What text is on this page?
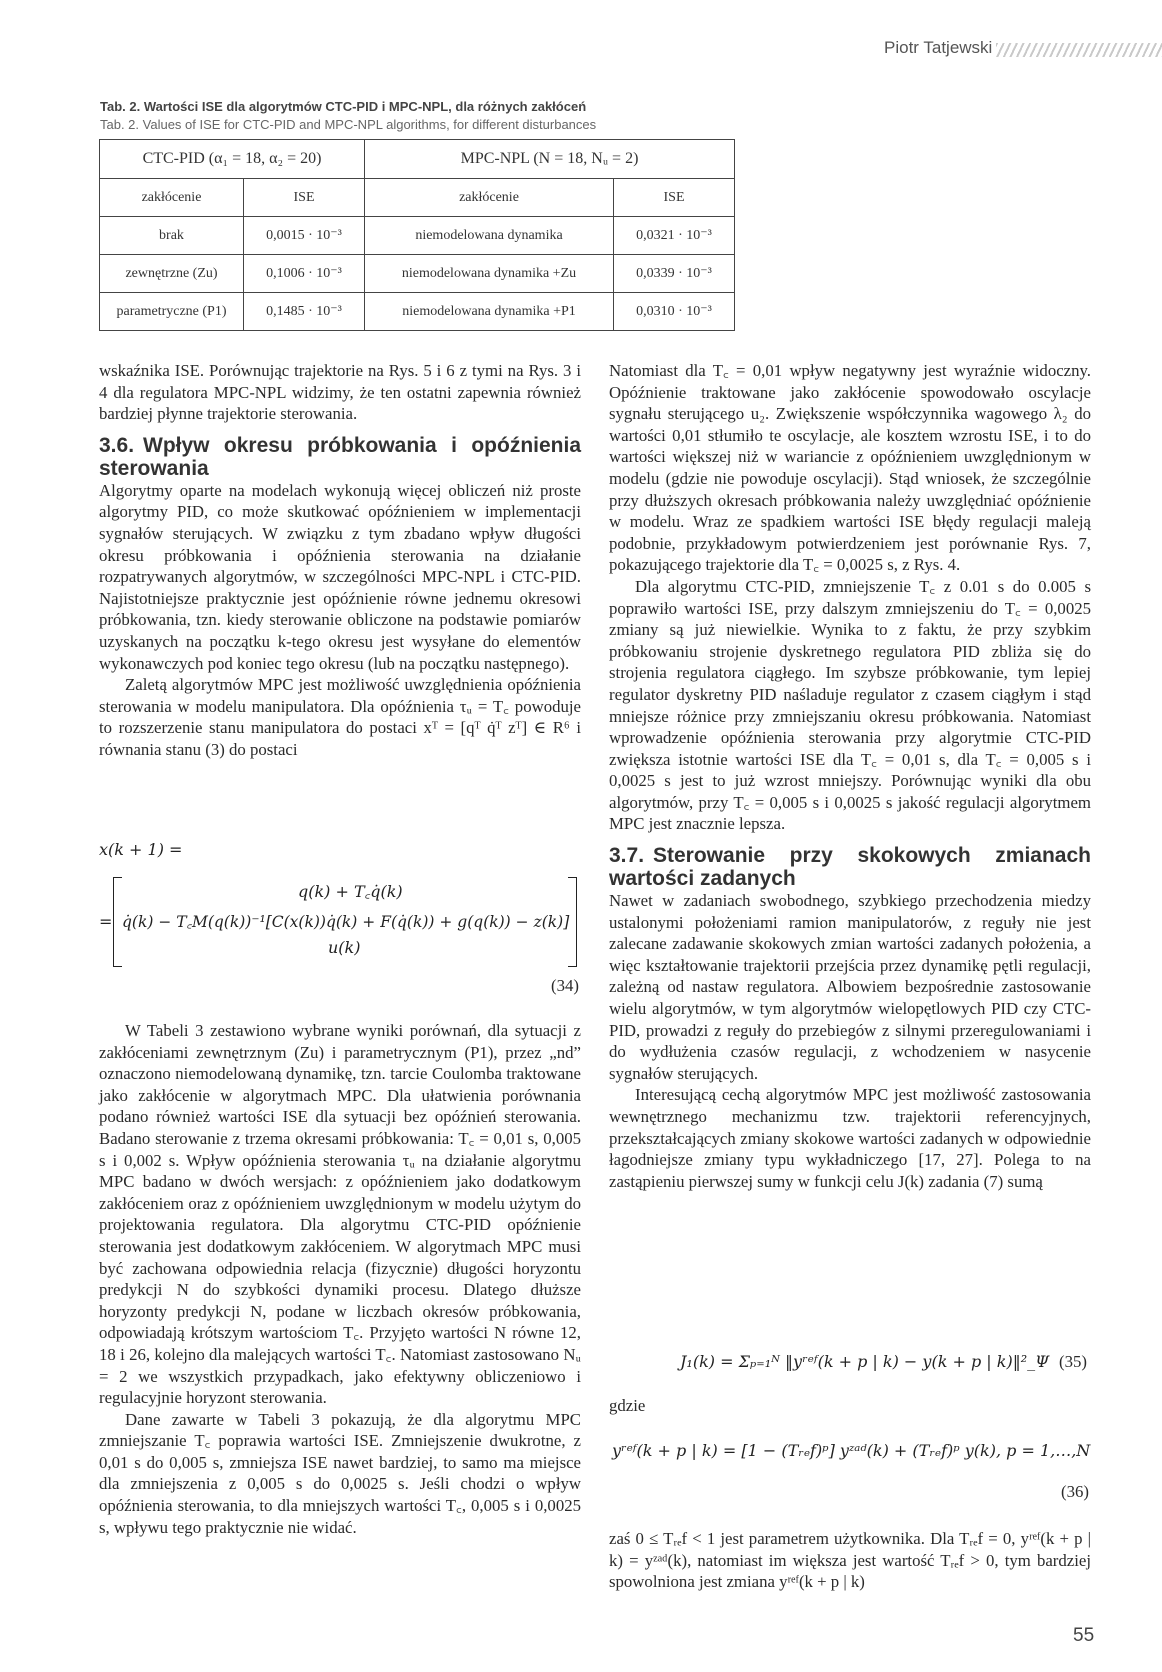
Piotr Tatjewski
Tab. 2. Wartości ISE dla algorytmów CTC-PID i MPC-NPL, dla różnych zakłóceń
Tab. 2. Values of ISE for CTC-PID and MPC-NPL algorithms, for different disturbances
CTC-PID (α₁ = 18, α₂ = 20)		MPC-NPL (N = 18, Nᵤ = 2)	
zakłócenie	ISE	zakłócenie	ISE
brak	0,0015 · 10⁻³	niemodelowana dynamika	0,0321 · 10⁻³
zewnętrzne (Zu)	0,1006 · 10⁻³	niemodelowana dynamika +Zu	0,0339 · 10⁻³
parametryczne (P1)	0,1485 · 10⁻³	niemodelowana dynamika +P1	0,0310 · 10⁻³

wskaźnika ISE. Porównując trajektorie na Rys. 5 i 6 z tymi na Rys. 3 i 4 dla regulatora MPC-NPL widzimy, że ten ostatni zapewnia również bardziej płynne trajektorie sterowania.

3.6. Wpływ okresu próbkowania i opóźnienia sterowania

Algorytmy oparte na modelach wykonują więcej obliczeń niż proste algorytmy PID, co może skutkować opóźnieniem w implementacji sygnałów sterujących. W związku z tym zbadano wpływ długości okresu próbkowania i opóźnienia sterowania na działanie rozpatrywanych algorytmów, w szczególności MPC-NPL i CTC-PID. Najistotniejsze praktycznie jest opóźnienie równe jednemu okresowi próbkowania, tzn. kiedy sterowanie obliczone na podstawie pomiarów uzyskanych na początku k-tego okresu jest wysyłane do elementów wykonawczych pod koniec tego okresu (lub na początku następnego).

Zaletą algorytmów MPC jest możliwość uwzględnienia opóźnienia sterowania w modelu manipulatora. Dla opóźnienia τᵤ = T꜀ powoduje to rozszerzenie stanu manipulatora do postaci xᵀ = [qᵀ q̇ᵀ zᵀ] ∈ R⁶ i równania stanu (3) do postaci

x(k + 1) =
=
q(k) + T꜀q̇(k)
q̇(k) − T꜀M(q(k))⁻¹[C(x(k))q̇(k) + F(q̇(k)) + g(q(k)) − z(k)]
u(k)
(34)

W Tabeli 3 zestawiono wybrane wyniki porównań, dla sytuacji z zakłóceniami zewnętrznym (Zu) i parametrycznym (P1), przez „nd” oznaczono niemodelowaną dynamikę, tzn. tarcie Coulomba traktowane jako zakłócenie w algorytmach MPC. Dla ułatwienia porównania podano również wartości ISE dla sytuacji bez opóźnień sterowania. Badano sterowanie z trzema okresami próbkowania: T꜀ = 0,01 s, 0,005 s i 0,002 s. Wpływ opóźnienia sterowania τᵤ na działanie algorytmu MPC badano w dwóch wersjach: z opóźnieniem jako dodatkowym zakłóceniem oraz z opóźnieniem uwzględnionym w modelu użytym do projektowania regulatora. Dla algorytmu CTC-PID opóźnienie sterowania jest dodatkowym zakłóceniem. W algorytmach MPC musi być zachowana odpowiednia relacja (fizycznie) długości horyzontu predykcji N do szybkości dynamiki procesu. Dlatego dłuższe horyzonty predykcji N, podane w liczbach okresów próbkowania, odpowiadają krótszym wartościom T꜀. Przyjęto wartości N równe 12, 18 i 26, kolejno dla malejących wartości T꜀. Natomiast zastosowano Nᵤ = 2 we wszystkich przypadkach, jako efektywny obliczeniowo i regulacyjnie horyzont sterowania.

Dane zawarte w Tabeli 3 pokazują, że dla algorytmu MPC zmniejszanie T꜀ poprawia wartości ISE. Zmniejszenie dwukrotne, z 0,01 s do 0,005 s, zmniejsza ISE nawet bardziej, to samo ma miejsce dla zmniejszenia z 0,005 s do 0,0025 s. Jeśli chodzi o wpływ opóźnienia sterowania, to dla mniejszych wartości T꜀, 0,005 s i 0,0025 s, wpływu tego praktycznie nie widać.

Natomiast dla T꜀ = 0,01 wpływ negatywny jest wyraźnie widoczny. Opóźnienie traktowane jako zakłócenie spowodowało oscylacje sygnału sterującego u₂. Zwiększenie współczynnika wagowego λ₂ do wartości 0,01 stłumiło te oscylacje, ale kosztem wzrostu ISE, i to do wartości większej niż w wariancie z opóźnieniem uwzględnionym w modelu (gdzie nie powoduje oscylacji). Stąd wniosek, że szczególnie przy dłuższych okresach próbkowania należy uwzględniać opóźnienie w modelu. Wraz ze spadkiem wartości ISE błędy regulacji maleją podobnie, przykładowym potwierdzeniem jest porównanie Rys. 7, pokazującego trajektorie dla T꜀ = 0,0025 s, z Rys. 4.

Dla algorytmu CTC-PID, zmniejszenie T꜀ z 0.01 s do 0.005 s poprawiło wartości ISE, przy dalszym zmniejszeniu do T꜀ = 0,0025 zmiany są już niewielkie. Wynika to z faktu, że przy szybkim próbkowaniu strojenie dyskretnego regulatora PID zbliża się do strojenia regulatora ciągłego. Im szybsze próbkowanie, tym lepiej regulator dyskretny PID naśladuje regulator z czasem ciągłym i stąd mniejsze różnice przy zmniejszaniu okresu próbkowania. Natomiast wprowadzenie opóźnienia sterowania przy algorytmie CTC-PID zwiększa istotnie wartości ISE dla T꜀ = 0,01 s, dla T꜀ = 0,005 s i 0,0025 s jest to już wzrost mniejszy. Porównując wyniki dla obu algorytmów, przy T꜀ = 0,005 s i 0,0025 s jakość regulacji algorytmem MPC jest znacznie lepsza.

3.7. Sterowanie przy skokowych zmianach wartości zadanych

Nawet w zadaniach swobodnego, szybkiego przechodzenia miedzy ustalonymi położeniami ramion manipulatorów, z reguły nie jest zalecane zadawanie skokowych zmian wartości zadanych położenia, a więc kształtowanie trajektorii przejścia przez dynamikę pętli regulacji, zależną od nastaw regulatora. Albowiem bezpośrednie zastosowanie wielu algorytmów, w tym algorytmów wielopętlowych PID czy CTC-PID, prowadzi z reguły do przebiegów z silnymi przeregulowaniami i do wydłużenia czasów regulacji, z wchodzeniem w nasycenie sygnałów sterujących.

Interesującą cechą algorytmów MPC jest możliwość zastosowania wewnętrznego mechanizmu tzw. trajektorii referencyjnych, przekształcających zmiany skokowe wartości zadanych w odpowiednie łagodniejsze zmiany typu wykładniczego [17, 27]. Polega to na zastąpieniu pierwszej sumy w funkcji celu J(k) zadania (7) sumą

J₁(k) = Σₚ₌₁ᴺ ‖yʳᵉᶠ(k + p | k) − y(k + p | k)‖²_Ψ (35)
gdzie
yʳᵉᶠ(k + p | k) = [1 − (Tᵣₑf)ᵖ] yᶻᵃᵈ(k) + (Tᵣₑf)ᵖ y(k), p = 1,…,N
(36)

zaś 0 ≤ Tᵣₑf < 1 jest parametrem użytkownika. Dla Tᵣₑf = 0, yʳᵉᶠ(k + p | k) = yᶻᵃᵈ(k), natomiast im większa jest wartość Tᵣₑf > 0, tym bardziej spowolniona jest zmiana yʳᵉᶠ(k + p | k)

55
